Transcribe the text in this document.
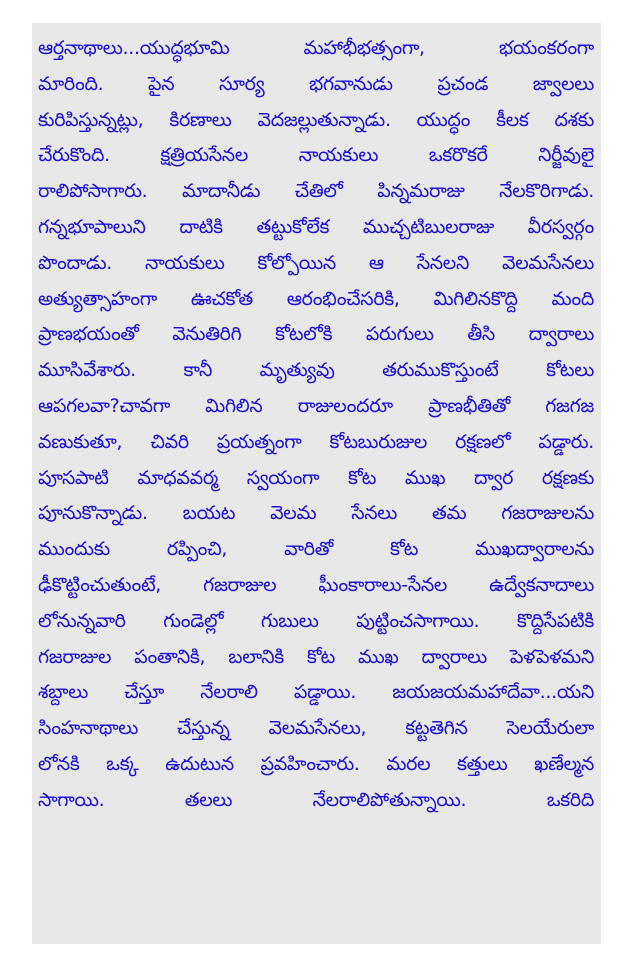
ఆర్తనాథాలు...యుద్ధభూమి మహాభీభత్సంగా, భయంకరంగా
మారింది. పైన సూర్య భగవానుడు ప్రచండ జ్వాలలు
కురిపిస్తున్నట్లు, కిరణాలు వెదజల్లుతున్నాడు. యుద్ధం కీలక దశకు
చేరుకొంది. క్షత్రియసేనల నాయకులు ఒకరొకరే నిర్జీవులై
రాలిపోసాగారు. మాదానీడు చేతిలో పిన్నమరాజు నేలకొరిగాడు.
గన్నభూపాలుని దాటికి తట్టుకోలేక ముచ్చటిబులరాజు వీరస్వర్గం
పొందాడు. నాయకులు కోల్పోయిన ఆ సేనలని వెలమసేనలు
అత్యుత్సాహంగా ఊచకోత ఆరంభించేసరికి, మిగిలినకొద్ది మంది
ప్రాణభయంతో వెనుతిరిగి కోటలోకి పరుగులు తీసి ద్వారాలు
మూసివేశారు. కానీ మృత్యువు తరుముకొస్తుంటే కోటలు
ఆపగలవా?చావగా మిగిలిన రాజులందరూ ప్రాణభీతితో గజగజ
వణుకుతూ, చివరి ప్రయత్నంగా కోటబురుజుల రక్షణలో పడ్డారు.
పూసపాటి మాధవవర్మ స్వయంగా కోట ముఖ ద్వార రక్షణకు
పూనుకొన్నాడు. బయట వెలమ సేనలు తమ గజరాజులను
ముందుకు రప్పించి, వారితో కోట ముఖద్వారాలను
ఢీకొట్టించుతుంటే, గజరాజుల ఘీంకారాలు-సేనల ఉద్వేకనాదాలు
లోనున్నవారి గుండెల్లో గుబులు పుట్టించసాగాయి. కొద్దిసేపటికి
గజరాజుల పంతానికి, బలానికి కోట ముఖ ద్వారాలు పెళపెళమని
శబ్దాలు చేస్తూ నేలరాలి పడ్డాయి. జయజయమహాదేవా...యని
సింహనాథాలు చేస్తున్న వెలమసేనలు, కట్టతెగిన సెలయేరులా
లోనకి ఒక్క ఉదుటున ప్రవహించారు. మరల కత్తులు ఖణేల్మన
సాగాయి. తలలు నేలరాలిపోతున్నాయి. ఒకరిది
